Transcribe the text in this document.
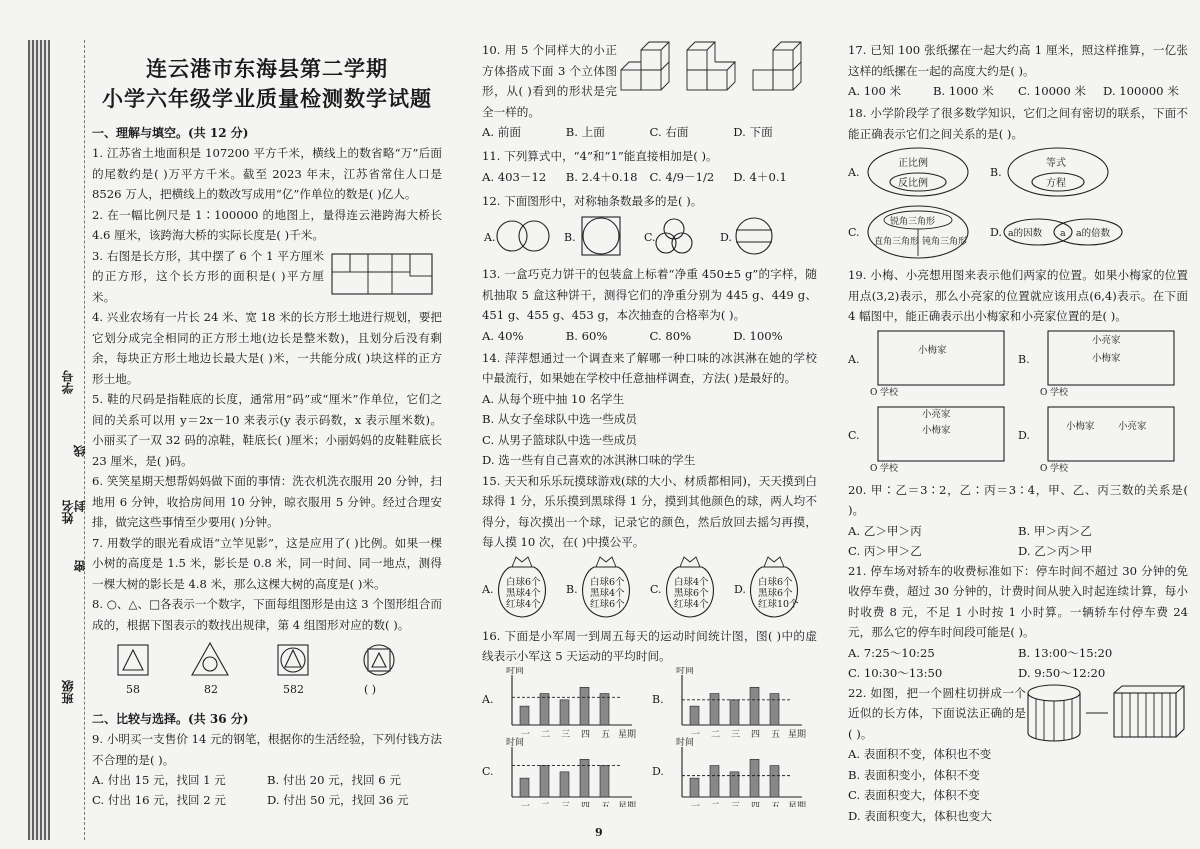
班级
姓名
学号
线
封
密
连云港市东海县第二学期
小学六年级学业质量检测数学试题
一、理解与填空。(共 12 分)
1. 江苏省土地面积是 107200 平方千米，横线上的数省略“万”后面的尾数约是( )万平方千米。截至 2023 年末，江苏省常住人口是 8526 万人，把横线上的数改写成用“亿”作单位的数是( )亿人。
2. 在一幅比例尺是 1∶100000 的地图上，量得连云港跨海大桥长 4.6 厘米，该跨海大桥的实际长度是( )千米。
3. 右图是长方形，其中摆了 6 个 1 平方厘米的正方形，这个长方形的面积是( )平方厘米。
4. 兴业农场有一片长 24 米、宽 18 米的长方形土地进行规划，要把它划分成完全相同的正方形土地(边长是整米数)，且划分后没有剩余，每块正方形土地边长最大是( )米，一共能分成( )块这样的正方形土地。
5. 鞋的尺码是指鞋底的长度，通常用“码”或“厘米”作单位，它们之间的关系可以用 y＝2x－10 来表示(y 表示码数，x 表示厘米数)。小丽买了一双 32 码的凉鞋，鞋底长( )厘米；小丽妈妈的皮鞋鞋底长 23 厘米，是( )码。
6. 笑笑星期天想帮妈妈做下面的事情：洗衣机洗衣服用 20 分钟，扫地用 6 分钟，收拾房间用 10 分钟，晾衣服用 5 分钟。经过合理安排，做完这些事情至少要用( )分钟。
7. 用数学的眼光看成语“立竿见影”，这是应用了( )比例。如果一棵小树的高度是 1.5 米，影长是 0.8 米，同一时间、同一地点，测得一棵大树的影长是 4.8 米，那么这棵大树的高度是( )米。
8. ○、△、□各表示一个数字，下面每组图形是由这 3 个图形组合而成的，根据下图表示的数找出规律，第 4 组图形对应的数( )。
58	82	582	( )
二、比较与选择。(共 36 分)
9. 小明买一支售价 14 元的钢笔，根据你的生活经验，下列付钱方法不合理的是( )。
A. 付出 15 元，找回 1 元	B. 付出 20 元，找回 6 元
C. 付出 16 元，找回 2 元	D. 付出 50 元，找回 36 元
10. 用 5 个同样大的小正方体搭成下面 3 个立体图形，从( )看到的形状是完全一样的。
A. 前面	B. 上面	C. 右面	D. 下面
11. 下列算式中，“4”和“1”能直接相加是( )。
A. 403－12	B. 2.4＋0.18	C. 4/9－1/2	D. 4＋0.1
12. 下面图形中，对称轴条数最多的是( )。
A.	B.	C.	D.
13. 一盒巧克力饼干的包装盒上标着“净重 450±5 g”的字样，随机抽取 5 盒这种饼干，测得它们的净重分别为 445 g、449 g、451 g、455 g、453 g，本次抽查的合格率为( )。
A. 40%	B. 60%	C. 80%	D. 100%
14. 萍萍想通过一个调查来了解哪一种口味的冰淇淋在她的学校中最流行，如果她在学校中任意抽样调查，方法( )是最好的。
A. 从每个班中抽 10 名学生
B. 从女子垒球队中选一些成员
C. 从男子篮球队中选一些成员
D. 选一些有自己喜欢的冰淇淋口味的学生
15. 天天和乐乐玩摸球游戏(球的大小、材质都相同)，天天摸到白球得 1 分，乐乐摸到黑球得 1 分，摸到其他颜色的球，两人均不得分，每次摸出一个球，记录它的颜色，然后放回去摇匀再摸，每人摸 10 次，在( )中摸公平。
A.
白球6个
黑球4个
红球4个
B.
白球6个
黑球4个
红球6个
C.
白球4个
黑球6个
红球4个
D.
白球6个
黑球6个
红球10个
16. 下面是小军周一到周五每天的运动时间统计图，图( )中的虚线表示小军这 5 天运动的平均时间。
A.
时间
星期
一 二 三 四 五
B.
时间
星期
一 二 三 四 五
C.
时间
星期
一 二 三 四 五
D.
时间
星期
一 二 三 四 五
17. 已知 100 张纸摞在一起大约高 1 厘米，照这样推算，一亿张这样的纸摞在一起的高度大约是( )。
A. 100 米	B. 1000 米	C. 10000 米	D. 100000 米
18. 小学阶段学了很多数学知识，它们之间有密切的联系，下面不能正确表示它们之间关系的是( )。
A.
正比例
反比例
B.
等式
方程
C.
锐角三角形
直角三角形 钝角三角形
D. a的因数 a a的倍数
19. 小梅、小亮想用图来表示他们两家的位置。如果小梅家的位置用点(3,2)表示，那么小亮家的位置就应该用点(6,4)表示。在下面 4 幅图中，能正确表示出小梅家和小亮家位置的是( )。
A.
O 学校
小梅家
B.
O 学校
小亮家
小梅家
C.
O 学校
小亮家
小梅家	D.
O 学校
小梅家 小亮家
20. 甲∶乙＝3∶2，乙∶丙＝3∶4，甲、乙、丙三数的关系是( )。
A. 乙＞甲＞丙	B. 甲＞丙＞乙
C. 丙＞甲＞乙	D. 乙＞丙＞甲
21. 停车场对轿车的收费标准如下：停车时间不超过 30 分钟的免收停车费，超过 30 分钟的，计费时间从驶入时起连续计算，每小时收费 8 元，不足 1 小时按 1 小时算。一辆轿车付停车费 24 元，那么它的停车时间段可能是( )。
A. 7:25～10:25	B. 13:00～15:20
C. 10:30～13:50	D. 9:50～12:20
22. 如图，把一个圆柱切拼成一个近似的长方体，下面说法正确的是( )。
A. 表面积不变，体积也不变
B. 表面积变小，体积不变
C. 表面积变大，体积不变
D. 表面积变大，体积也变大
9
